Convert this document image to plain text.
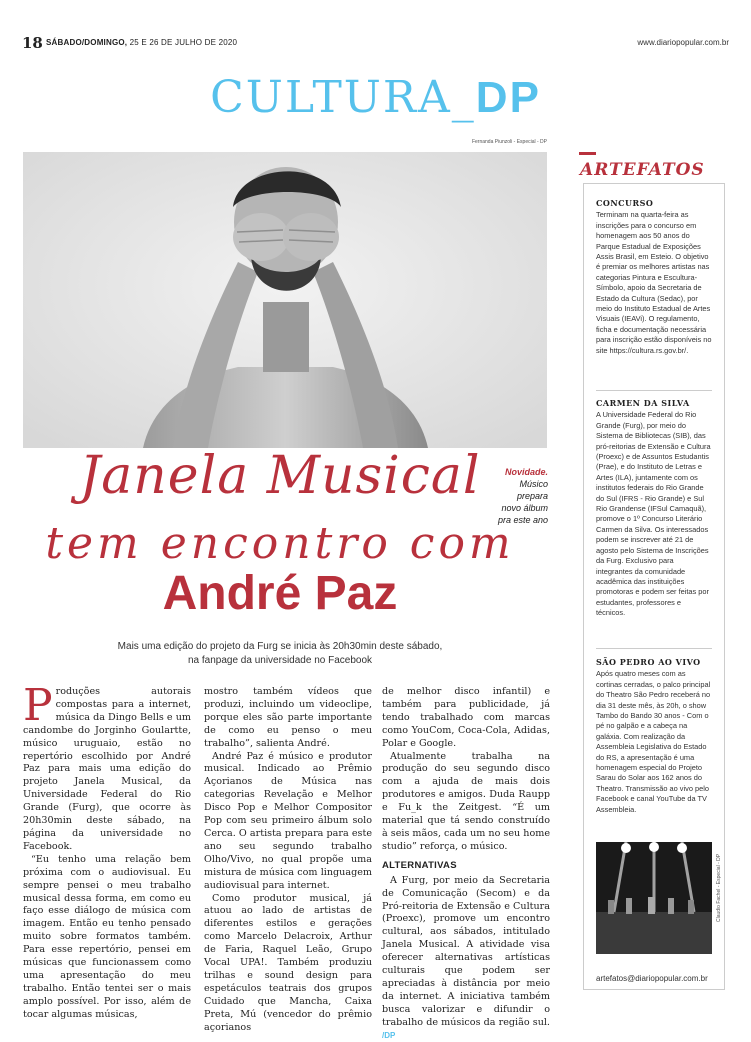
18 SÁBADO/DOMINGO, 25 E 26 DE JULHO DE 2020	www.diariopopular.com.br
CULTURA_DP
Fernanda Piunzoli - Especial - DP
Janela Musical
tem encontro com
André Paz
Novidade.
Músico
prepara
novo álbum
pra este ano
Mais uma edição do projeto da Furg se inicia às 20h30min deste sábado,
na fanpage da universidade no Facebook

Produções autorais compostas para a internet, música da Dingo Bells e um candombe do Jorginho Goulartte, músico uruguaio, estão no repertório escolhido por André Paz para mais uma edição do projeto Janela Musical, da Universidade Federal do Rio Grande (Furg), que ocorre às 20h30min deste sábado, na página da universidade no Facebook.

“Eu tenho uma relação bem próxima com o audiovisual. Eu sempre pensei o meu trabalho musical dessa forma, em como eu faço esse diálogo de música com imagem. Então eu tenho pensado muito sobre formatos também. Para esse repertório, pensei em músicas que funcionassem como uma apresentação do meu trabalho. Então tentei ser o mais amplo possível. Por isso, além de tocar algumas músicas,

mostro também vídeos que produzi, incluindo um videoclipe, porque eles são parte importante de como eu penso o meu trabalho”, salienta André.

André Paz é músico e produtor musical. Indicado ao Prêmio Açorianos de Música nas categorias Revelação e Melhor Disco Pop e Melhor Compositor Pop com seu primeiro álbum solo Cerca. O artista prepara para este ano seu segundo trabalho Olho/Vivo, no qual propõe uma mistura de música com linguagem audiovisual para internet.

Como produtor musical, já atuou ao lado de artistas de diferentes estilos e gerações como Marcelo Delacroix, Arthur de Faria, Raquel Leão, Grupo Vocal UPA!. Também produziu trilhas e sound design para espetáculos teatrais dos grupos Cuidado que Mancha, Caixa Preta, Mú (vencedor do prêmio açorianos

de melhor disco infantil) e também para publicidade, já tendo trabalhado com marcas como YouCom, Coca-Cola, Adidas, Polar e Google.

Atualmente trabalha na produção do seu segundo disco com a ajuda de mais dois produtores e amigos. Duda Raupp e Fu_k the Zeitgest. “É um material que tá sendo construído à seis mãos, cada um no seu home studio” reforça, o músico.

ALTERNATIVAS

A Furg, por meio da Secretaria de Comunicação (Secom) e da Pró-reitoria de Extensão e Cultura (Proexc), promove um encontro cultural, aos sábados, intitulado Janela Musical. A atividade visa oferecer alternativas artísticas culturais que podem ser apreciadas à distância por meio da internet. A iniciativa também busca valorizar e difundir o trabalho de músicos da região sul. /DP

ARTEFATOS
CONCURSO
Terminam na quarta-feira as inscrições para o concurso em homenagem aos 50 anos do Parque Estadual de Exposições Assis Brasil, em Esteio. O objetivo é premiar os melhores artistas nas categorias Pintura e Escultura-Símbolo, apoio da Secretaria de Estado da Cultura (Sedac), por meio do Instituto Estadual de Artes Visuais (IEAVi). O regulamento, ficha e documentação necessária para inscrição estão disponíveis no site https://cultura.rs.gov.br/.
CARMEN DA SILVA
A Universidade Federal do Rio Grande (Furg), por meio do Sistema de Bibliotecas (SIB), das pró-reitorias de Extensão e Cultura (Proexc) e de Assuntos Estudantis (Prae), e do Instituto de Letras e Artes (ILA), juntamente com os institutos federais do Rio Grande do Sul (IFRS - Rio Grande) e Sul Rio Grandense (IFSul Camaquã), promove o 1º Concurso Literário Carmen da Silva. Os interessados podem se inscrever até 21 de agosto pelo Sistema de Inscrições da Furg. Exclusivo para integrantes da comunidade acadêmica das instituições promotoras e podem ser feitas por estudantes, professores e técnicos.
SÃO PEDRO AO VIVO
Após quatro meses com as cortinas cerradas, o palco principal do Theatro São Pedro receberá no dia 31 deste mês, às 20h, o show Tambo do Bando 30 anos - Com o pé no galpão e a cabeça na galáxia. Com realização da Assembleia Legislativa do Estado do RS, a apresentação é uma homenagem especial do Projeto Sarau do Solar aos 162 anos do Theatro. Transmissão ao vivo pelo Facebook e canal YouTube da TV Assembleia.
Claudio Fachel - Especial - DP
artefatos@diariopopular.com.br
